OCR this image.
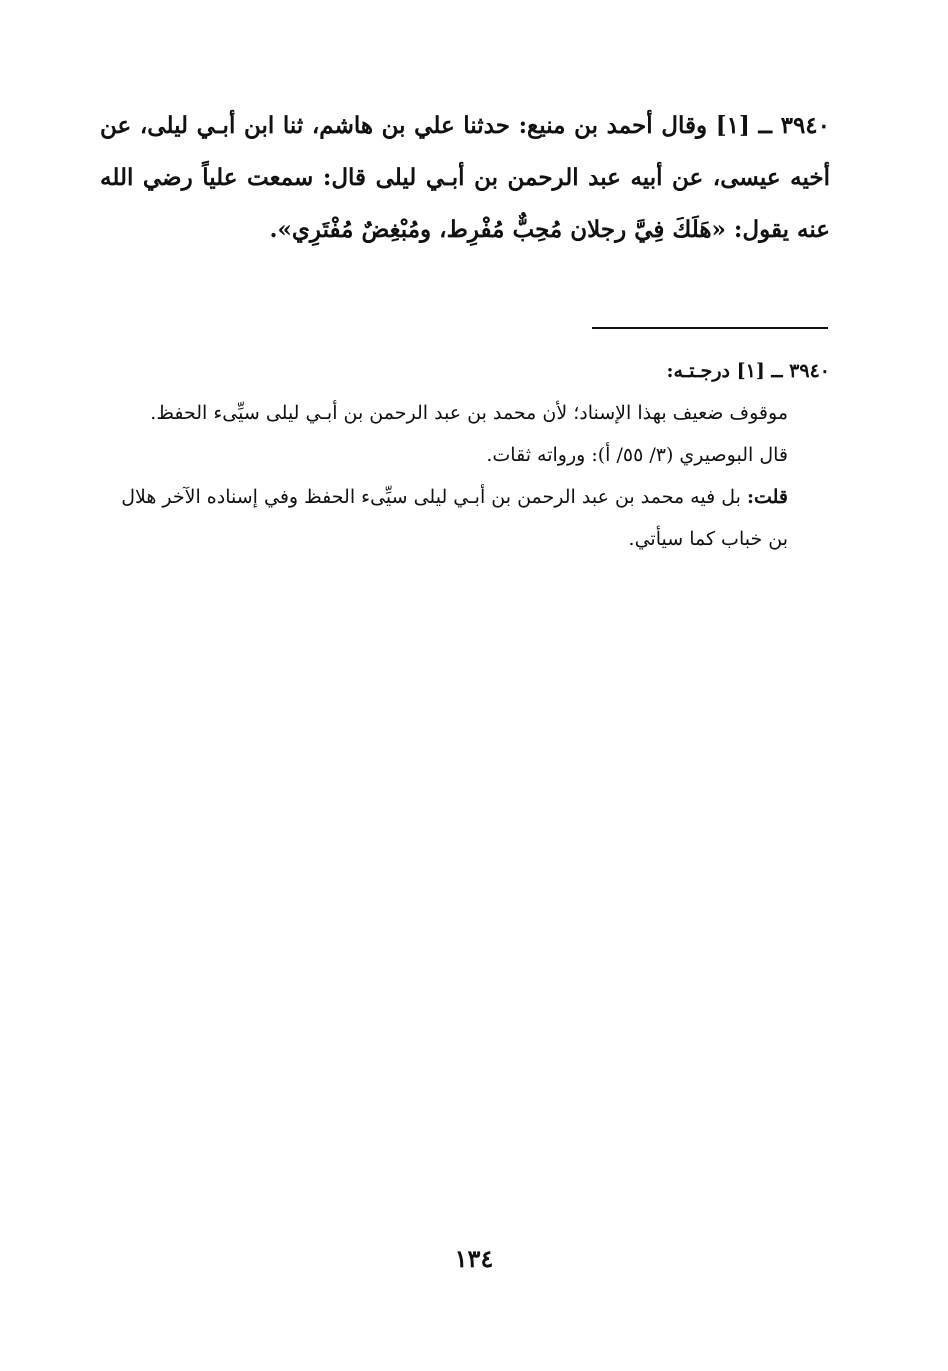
٣٩٤٠ ــ [١] وقال أحمد بن منيع: حدثنا علي بن هاشم، ثنا ابن أبـي ليلى، عن أخيه عيسى، عن أبيه عبد الرحمن بن أبـي ليلى قال: سمعت علياً رضي الله عنه يقول: «هَلَكَ فِيَّ رجلان مُحِبٌّ مُفْرِط، ومُبْغِضٌ مُفْتَرِي».

٣٩٤٠ ــ [١] درجـتـه:

موقوف ضعيف بهذا الإسناد؛ لأن محمد بن عبد الرحمن بن أبـي ليلى سيِّىء الحفظ.

قال البوصيري (٣/ ٥٥/ أ): ورواته ثقات.

قلت: بل فيه محمد بن عبد الرحمن بن أبـي ليلى سيِّىء الحفظ وفي إسناده الآخر هلال بن خباب كما سيأتي.

١٣٤
